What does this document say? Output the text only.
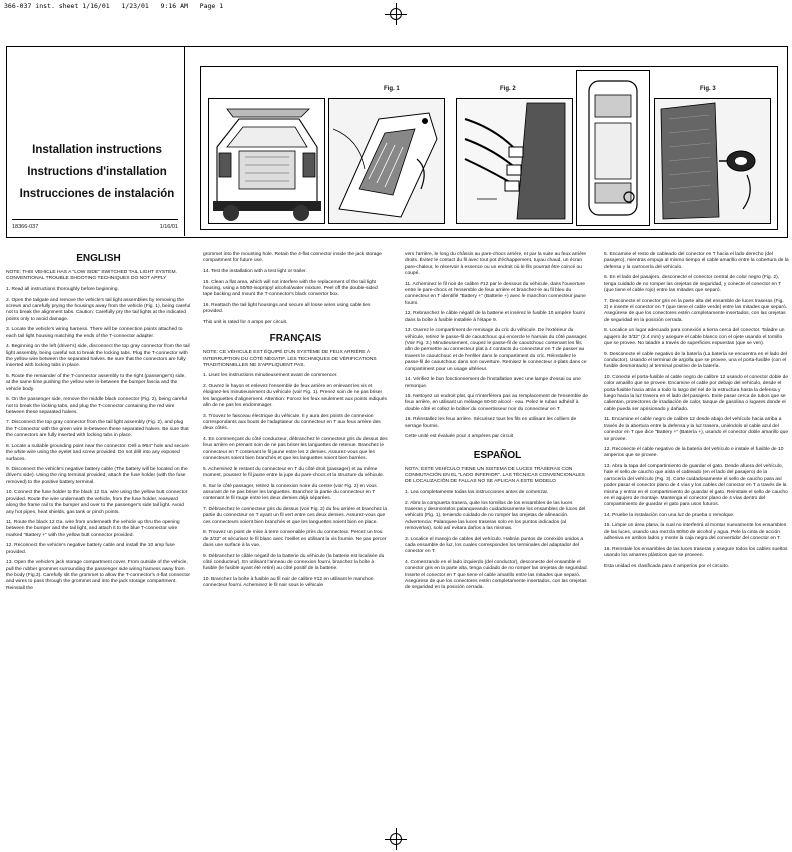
366-037 inst. sheet 1/16/01   1/23/01   9:16 AM   Page 1
Installation instructions
Instructions d'installation
Instrucciones de instalación
18366-037	1/16/01
Fig. 1	Fig. 2	Fig. 3
ENGLISH

NOTE: THIS VEHICLE HAS A "LOW SIDE" SWITCHED TAIL LIGHT SYSTEM. CONVENTIONAL TROUBLE SHOOTING TECHNIQUES DO NOT APPLY

1. Read all instructions thoroughly before beginning.

2. Open the tailgate and remove the vehicle's tail light assemblies by removing the screws and carefully prying the housings away from the vehicle (Fig. 1), being careful not to break the alignment tabs. Caution: Carefully pry the tail lights at the indicated points only to avoid damage.

3. Locate the vehicle's wiring harness. There will be connection points attached to each tail light housing matching the ends of the T-connector adapter.

4. Beginning on the left (driver's) side, disconnect the top gray connector from the tail light assembly, being careful not to break the locking tabs. Plug the T-connector with the yellow wire between the separated halves. Be sure that the connectors are fully inserted with locking tabs in place.

5. Route the remainder of the T-connector assembly to the right (passenger's) side, at the same time pushing the yellow wire in-between the bumper fascia and the vehicle body.

6. On the passenger side, remove the middle black connector (Fig. 2), being careful not to break the locking tabs, and plug the T-connector containing the red wire between these separated halves.

7. Disconnect the top gray connector from the tail light assembly (Fig. 2), and plug the T-connector with the green wire in-between these separated halves. Be sure that the connectors are fully inserted with locking tabs in place.

8. Locate a suitable grounding point near the connector. Drill a 9⁄64" hole and secure the white wire using the eyelet and screw provided. Do not drill into any exposed surfaces.

9. Disconnect the vehicle's negative battery cable (The battery will be located on the driver's side). Using the ring terminal provided, attach the fuse holder (with the fuse removed) to the positive battery terminal.

10. Connect the fuse holder to the black 12 Ga. wire using the yellow butt connector provided. Route the wire underneath the vehicle, from the fuse holder, rearward along the frame rail to the bumper and over to the passenger's side tail light. Avoid any hot pipes, heat shields, gas tank or pinch points.

11. Route the black 12 Ga. wire from underneath the vehicle up thru the opening between the bumper and the tail light, and attach it to the blue T-connector wire marked "Battery +" with the yellow butt connector provided.

12. Reconnect the vehicle's negative battery cable and install the 10 amp fuse provided.

13. Open the vehicle's jack storage compartment cover. From outside of the vehicle, pull the rubber grommet surrounding the passenger side wiring harness away from the body (Fig.3). Carefully slit the grommet to allow the T-connector's 4-flat connector and wires to pass through the grommet and into the jack storage compartment. Reinstall the

grommet into the mounting hole. Retain the 4-flat connector inside the jack storage compartment for future use.

14. Test the installation with a test light or trailer.

15. Clean a flat area, which will not interfere with the replacement of the tail light housing, using a 50/50-isopropyl alcohol/water mixture. Peel off the double-sided tape backing and mount the T-connector's black convertor box.

16. Reattach the tail light housings and secure all loose wires using cable ties provided.

This unit is rated for 4 amps per circuit.

FRANÇAIS

NOTE: CE VÉHICULE EST ÉQUIPÉ D'UN SYSTÈME DE FEUX ARRIÈRE À INTERRUPTION DU CÔTÉ NÉGATIF. LES TECHNIQUES DE VÉRIFICATIONS TRADITIONNELLES NE S'APPLIQUENT PAS.

1. Lisez les instructions minutieusement avant de commencer.

2. Ouvrez le hayon et enlevez l'ensemble de feux arrière en enlevant les vis et éloignez-les minutieusement du véhicule (voir Fig. 1). Prenez soin de ne pas briser les languettes d'alignement. Attention: Forcez les feux seulement aux points indiqués afin de ne pas les endommager.

3. Trouvez le faisceau électrique du véhicule. Il y aura des points de connexion correspondants aux bouts de l'adaptateur du connecteur en T aux feux arrière des deux côtés.

4. En commençant du côté conducteur, débranchez le connecteur gris du dessus des feux arrière en prenant soin de ne pas briser les languettes de retenue. Branchez le connecteur en T contenant le fil jaune entre les 2 demies. Assurez-vous que les connecteurs soient bien branchés et que les languettes soient bien barrées.

5. Acheminez le restant du connecteur en T du côté droit (passager) et au même moment, poussez le fil jaune entre la jupe du pare-chocs et la structure du véhicule.

6. Sur le côté passager, retirez la connexion noire du centre (voir Fig. 2) en vous assurant de ne pas briser les languettes. Branchez la partie du connecteur en T contenant le fil rouge entre les deux demies déjà séparées.

7. Débranchez le connecteur gris du dessus (voir Fig. 2) du feu arrière et branchez la partie du connecteur en T ayant un fil vert entre ces deux demies. Assurez-vous que ces connecteurs soient bien branchés et que les languettes soient bien en place.

8. Trouvez un point de mise à terre convenable près du connecteur. Percez un trou de 3/32" et sécurisez le fil blanc avec l'oeillet en utilisant la vis fournie. Ne pas percer dans une surface à la vue.

9. Débranchez le câble négatif de la batterie du véhicule (la batterie est localisée du côté conducteur). En utilisant l'anneau de connexion fourni, branchez la boîte à fusible (le fusible ayant été retiré) au côté positif de la batterie.

10. Branchez la boîte à fusible au fil noir de calibre #12 en utilisant le manchon connecteur fourni. Acheminez le fil noir sous le véhicule

vers l'arrière, le long du châssis au pare-chocs arrière, et par la suite au feux arrière droits. Évitez le contact du fil avec tout pot d'échappement, tuyau chaud, un écran pare-chaleur, le réservoir à essence ou un endroit où le fils pourrait être coincé ou coupé.

11. Acheminez le fil noir de calibre #12 par le dessous du véhicule, dans l'ouverture entre le pare-chocs et l'ensemble de feux arrière et branchez-le au fil bleu du connecteur en T identifié "Battery +" (Batterie +) avec le manchon connecteur jaune fourni.

12. Rebranchez le câble négatif de la batterie et insérez le fusible 10 ampère fourni dans la boîte à fusible installée à l'étape 9.

13. Ouvrez le compartiment de remisage du cric du véhicule. De l'extérieur du véhicule, retirez le passe-fil de caoutchouc qui encercle le harnais du côté passager. (Voir Fig. 3.) Minutieusement, coupez le passe-fil de caoutchouc contenant les fils afin de permettre au connecteur plat à 4 contacts du connecteur en T de passer au travers le caoutchouc et de l'enfiler dans le compartiment du cric. Réinstallez le passe-fil de caoutchouc dans son ouverture. Remisez le connecteur 4-plats dans ce compartiment pour un usage ultérieur.

14. Vérifiez le bon fonctionnement de l'installation avec une lampe d'essai ou une remorque.

15. Nettoyez un endroit plat, qui n'interférera pas au remplacement de l'ensemble de feux arrière, en utilisant un mélange 50-50 alcool - eau. Pelez le ruban adhésif à double côté et collez le boîtier du convertisseur noir du connecteur en T.

16. Réinstallez les feux arrière. Sécurisez tous les fils en utilisant les colliers de serrage fournis.

Cette unité est évaluée pour 4 ampères par circuit

ESPAÑOL

NOTA: ESTE VEHÍCULO TIENE UN SISTEMA DE LUCES TRASERAS CON CONMUTACIÓN EN EL "LADO INFERIOR". LAS TÉCNICAS CONVENCIONALES DE LOCALIZACIÓN DE FALLAS NO SE APLICAN A ESTE MODELO

1. Lea completamente todas las instrucciones antes de comenzar.

2. Abra la compuerta trasera, quite los tornillos de los ensambles de las luces traseras y desmontelos palanqueando cuidadosamente los ensambles de luces del vehículo (Fig. 1), teniendo cuidado de no romper las orejetas de alineación. Advertencia: Palanquee las luces traseras solo en los puntos indicados (al removerlas), solo así evitara daños a las mismas.

3. Localice el manojo de cables del vehículo. Habrán puntos de conexión unidos a cada ensamble de luz, los cuales corresponden los terminales del adaptador del conector en T.

4. Comenzando en el lado izquierdo (del conductor), desconecte del ensamble el conector gris en la parte alta, tenga cuidado de no romper las orejetas de seguridad. Inserte el conector en T que tiene el cable amarillo entre las mitades que separó. Asegúrese de que los conectores estén completamente insertados, con las orejetas de seguridad en la posición cerrada.

5. Encamine el resto de cableado del conector en T hacia el lado derecho (del pasajero), mientras empuja al mismo tiempo el cable amarillo entre la cobertura de la defensa y la carrocería del vehículo.

6. En el lado del pasajero, desconecte el conector central de color negro (Fig. 2), tenga cuidado de no romper las orejetas de seguridad, y conecte el conector en T (que tiene el cable rojo) entre las mitades que separó.

7. Desconecte el conector gris en la parte alta del ensamble de luces traseras (Fig. 2) e inserte el conector en T (que tiene el cable verde) entre las mitades que separó. Asegúrese de que los conectores estén completamente insertados, con las orejetas de seguridad en la posición cerrada.

8. Localice un lugar adecuado para conexión a tierra cerca del conector. Taladre un agujero de 3/32" (2.4 mm) y asegure el cable blanco con el ojete usando el tornillo que se provee. No taladre a través de superficies expuestas (que se ven).

9. Desconecte el cable negativo de la batería (La batería se encuentra en el lado del conductor). Usando el terminal de argolla que se provee, una el porta-fusible (con el fusible desmontado) al terminal positivo de la batería.

10. Conecte el porta-fusible al cable negro de calibre 12 usando el conector doble de color amarillo que se provee. Encamine el cable por debajo del vehículo, desde el porta-fusible hacia atrás a todo lo largo del riel de la estructura hasta la defensa y luego hacia la luz trasera en el lado del pasajero. Evite pasar cerca de tubos que se calientan, protectores de irradiación de calor, tanque de gasolina o lugares donde el cable pueda ser aprisionado y dañado.

11. Encamine el cable negro de calibre 12 desde abajo del vehículo hacia arriba a través de la abertura entre la defensa y la luz trasera, uniéndolo al cable azul del conector en T que dice "Battery +" (Batería +), usando el conector doble amarillo que se provee.

12. Reconecte el cable negativo de la batería del vehículo e instale el fusible de 10 amperios que se provee.

13. Abra la tapa del compartimiento de guardar el gato. Desde afuera del vehículo, hale el sello de caucho que aísla el cableado (en el lado del pasajero) de la carrocería del vehículo (Fig. 3). Corte cuidadosamente el sello de caucho para así poder pasar el conector plano de 4 vías y los cables del conector en T a través de la misma y entrar en el compartimiento de guardar el gato. Reinstale el sello de caucho en el agujero de montaje. Mantenga el conector plano de 4 vías dentro del compartimiento de guardar el gato para usos futuros.

14. Pruebe la instalación con una luz de prueba o remolque.

15. Limpie un área plana, la cual no interferirá al montar nuevamente los ensambles de las luces, usando una mezcla 50/50 de alcohol y agua. Pele la cinta de acción adhesiva en ambos lados y monte la caja negra del convertidor del conector en T.

16. Reinstale los ensambles de las luces traseras y asegure todos los cables sueltos usando los amarres plásticos que se proveen.

Esta unidad es clasificada para 4 amperios por el circuito.
